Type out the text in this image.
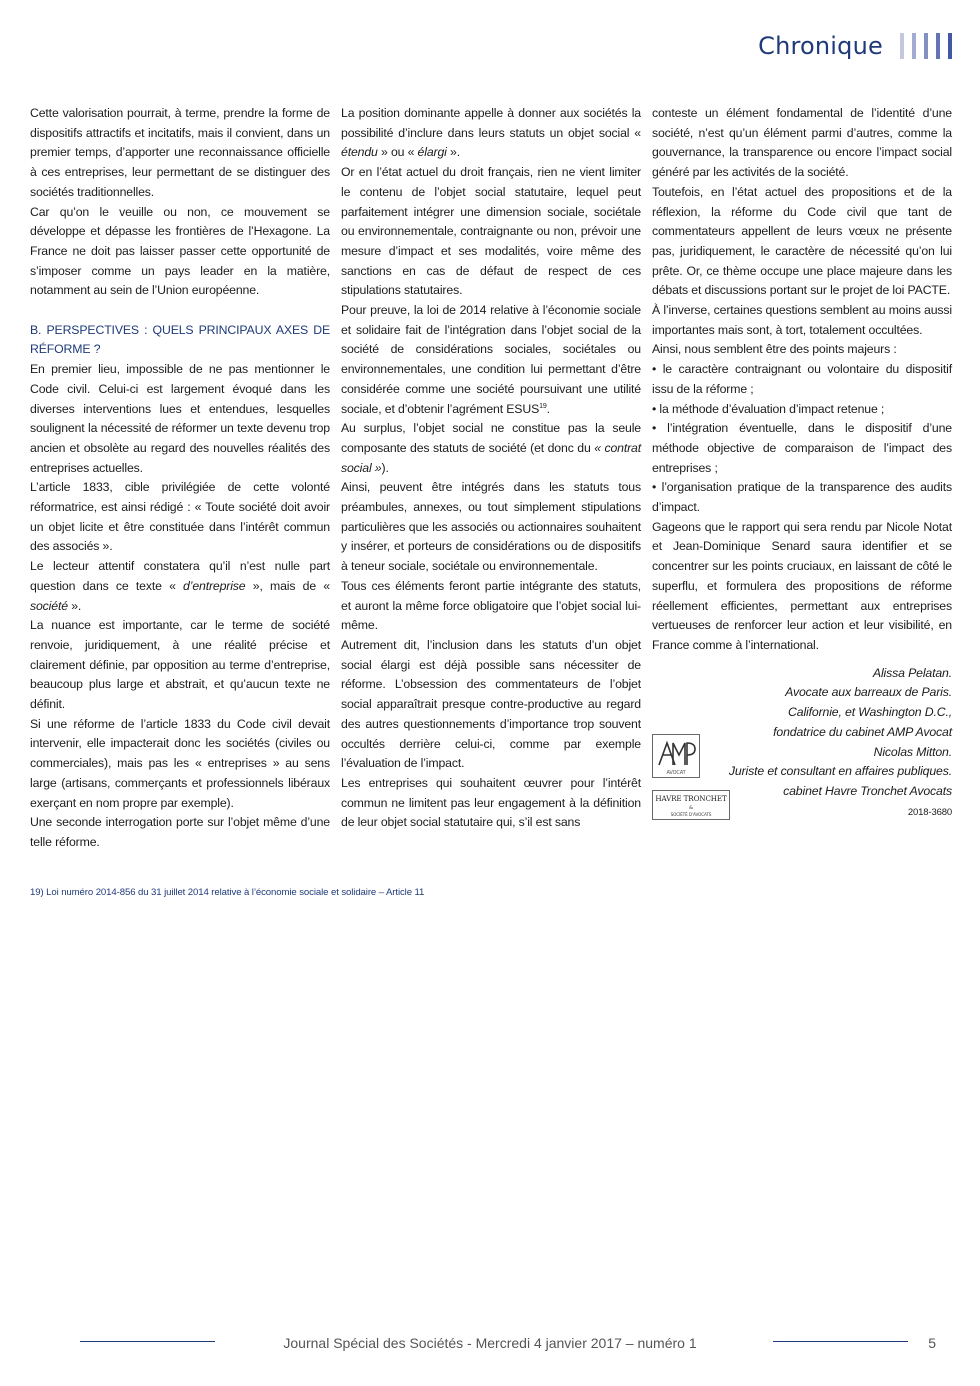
Chronique

Cette valorisation pourrait, à terme, prendre la forme de dispositifs attractifs et incitatifs, mais il convient, dans un premier temps, d’apporter une reconnaissance officielle à ces entreprises, leur permettant de se distinguer des sociétés traditionnelles.

Car qu’on le veuille ou non, ce mouvement se développe et dépasse les frontières de l’Hexagone. La France ne doit pas laisser passer cette opportunité de s’imposer comme un pays leader en la matière, notamment au sein de l’Union européenne.

B. PERSPECTIVES : QUELS PRINCIPAUX AXES DE RÉFORME ?

En premier lieu, impossible de ne pas mentionner le Code civil. Celui-ci est largement évoqué dans les diverses interventions lues et entendues, lesquelles soulignent la nécessité de réformer un texte devenu trop ancien et obsolète au regard des nouvelles réalités des entreprises actuelles.

L’article 1833, cible privilégiée de cette volonté réformatrice, est ainsi rédigé : « Toute société doit avoir un objet licite et être constituée dans l’intérêt commun des associés ».

Le lecteur attentif constatera qu’il n’est nulle part question dans ce texte « d’entreprise », mais de « société ».

La nuance est importante, car le terme de société renvoie, juridiquement, à une réalité précise et clairement définie, par opposition au terme d’entreprise, beaucoup plus large et abstrait, et qu’aucun texte ne définit.

Si une réforme de l’article 1833 du Code civil devait intervenir, elle impacterait donc les sociétés (civiles ou commerciales), mais pas les « entreprises » au sens large (artisans, commerçants et professionnels libéraux exerçant en nom propre par exemple).

Une seconde interrogation porte sur l’objet même d’une telle réforme.

La position dominante appelle à donner aux sociétés la possibilité d’inclure dans leurs statuts un objet social « étendu » ou « élargi ».

Or en l’état actuel du droit français, rien ne vient limiter le contenu de l’objet social statutaire, lequel peut parfaitement intégrer une dimension sociale, sociétale ou environnementale, contraignante ou non, prévoir une mesure d’impact et ses modalités, voire même des sanctions en cas de défaut de respect de ces stipulations statutaires.

Pour preuve, la loi de 2014 relative à l’économie sociale et solidaire fait de l’intégration dans l’objet social de la société de considérations sociales, sociétales ou environnementales, une condition lui permettant d’être considérée comme une société poursuivant une utilité sociale, et d’obtenir l’agrément ESUS$^{19}$.

Au surplus, l’objet social ne constitue pas la seule composante des statuts de société (et donc du « contrat social »).

Ainsi, peuvent être intégrés dans les statuts tous préambules, annexes, ou tout simplement stipulations particulières que les associés ou actionnaires souhaitent y insérer, et porteurs de considérations ou de dispositifs à teneur sociale, sociétale ou environnementale.

Tous ces éléments feront partie intégrante des statuts, et auront la même force obligatoire que l’objet social lui-même.

Autrement dit, l’inclusion dans les statuts d’un objet social élargi est déjà possible sans nécessiter de réforme. L’obsession des commentateurs de l’objet social apparaîtrait presque contre-productive au regard des autres questionnements d’importance trop souvent occultés derrière celui-ci, comme par exemple l’évaluation de l’impact.

Les entreprises qui souhaitent œuvrer pour l’intérêt commun ne limitent pas leur engagement à la définition de leur objet social statutaire qui, s’il est sans

conteste un élément fondamental de l’identité d’une société, n’est qu’un élément parmi d’autres, comme la gouvernance, la transparence ou encore l’impact social généré par les activités de la société.

Toutefois, en l’état actuel des propositions et de la réflexion, la réforme du Code civil que tant de commentateurs appellent de leurs vœux ne présente pas, juridiquement, le caractère de nécessité qu’on lui prête. Or, ce thème occupe une place majeure dans les débats et discussions portant sur le projet de loi PACTE.

À l’inverse, certaines questions semblent au moins aussi importantes mais sont, à tort, totalement occultées.

Ainsi, nous semblent être des points majeurs :

• le caractère contraignant ou volontaire du dispositif issu de la réforme ;

• la méthode d’évaluation d’impact retenue ;

• l’intégration éventuelle, dans le dispositif d’une méthode objective de comparaison de l’impact des entreprises ;

• l’organisation pratique de la transparence des audits d’impact.

Gageons que le rapport qui sera rendu par Nicole Notat et Jean-Dominique Senard saura identifier et se concentrer sur les points cruciaux, en laissant de côté le superflu, et formulera des propositions de réforme réellement efficientes, permettant aux entreprises vertueuses de renforcer leur action et leur visibilité, en France comme à l’international.

Alissa Pelatan.
Avocate aux barreaux de Paris.
Californie, et Washington D.C.,
fondatrice du cabinet AMP Avocat
Nicolas Mitton.
Juriste et consultant en affaires publiques.
cabinet Havre Tronchet Avocats
2018-3680
AVOCAT
HAVRE TRONCHET
&
SOCIÉTÉ D’AVOCATS
19) Loi numéro 2014-856 du 31 juillet 2014 relative à l’économie sociale et solidaire – Article 11
Journal Spécial des Sociétés - Mercredi 4 janvier 2017 – numéro 1	5
